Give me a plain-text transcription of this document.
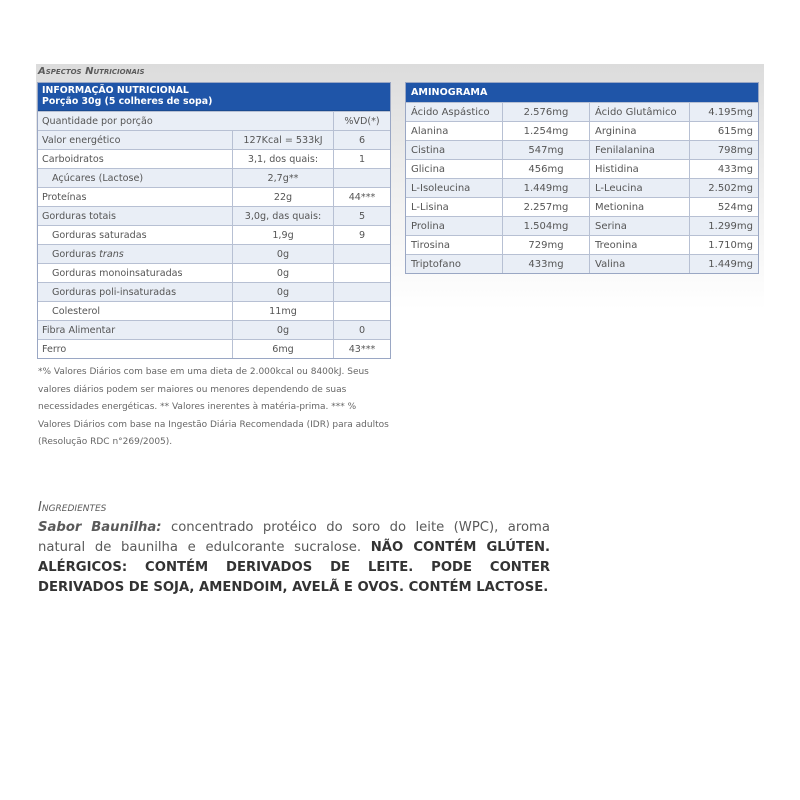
Aspectos Nutricionais
INFORMAÇÃO NUTRICIONAL
Porção 30g (5 colheres de sopa)
Quantidade por porção		%VD(*)
Valor energético	127Kcal = 533kJ	6
Carboidratos	3,1, dos quais:	1
Açúcares (Lactose)	2,7g**	
Proteínas	22g	44***
Gorduras totais	3,0g, das quais:	5
Gorduras saturadas	1,9g	9
Gorduras trans	0g	
Gorduras monoinsaturadas	0g	
Gorduras poli-insaturadas	0g	
Colesterol	11mg	
Fibra Alimentar	0g	0
Ferro	6mg	43***
*% Valores Diários com base em uma dieta de 2.000kcal ou 8400kJ. Seus valores diários podem ser maiores ou menores dependendo de suas necessidades energéticas. ** Valores inerentes à matéria-prima. *** % Valores Diários com base na Ingestão Diária Recomendada (IDR) para adultos (Resolução RDC n°269/2005).
AMINOGRAMA
Ácido Aspástico	2.576mg	Ácido Glutâmico	4.195mg
Alanina	1.254mg	Arginina	615mg
Cistina	547mg	Fenilalanina	798mg
Glicina	456mg	Histidina	433mg
L-Isoleucina	1.449mg	L-Leucina	2.502mg
L-Lisina	2.257mg	Metionina	524mg
Prolina	1.504mg	Serina	1.299mg
Tirosina	729mg	Treonina	1.710mg
Triptofano	433mg	Valina	1.449mg
Ingredientes
Sabor Baunilha: concentrado protéico do soro do leite (WPC), aroma natural de baunilha e edulcorante sucralose. NÃO CONTÉM GLÚTEN. ALÉRGICOS: CONTÉM DERIVADOS DE LEITE. PODE CONTER DERIVADOS DE SOJA, AMENDOIM, AVELÃ E OVOS. CONTÉM LACTOSE.
